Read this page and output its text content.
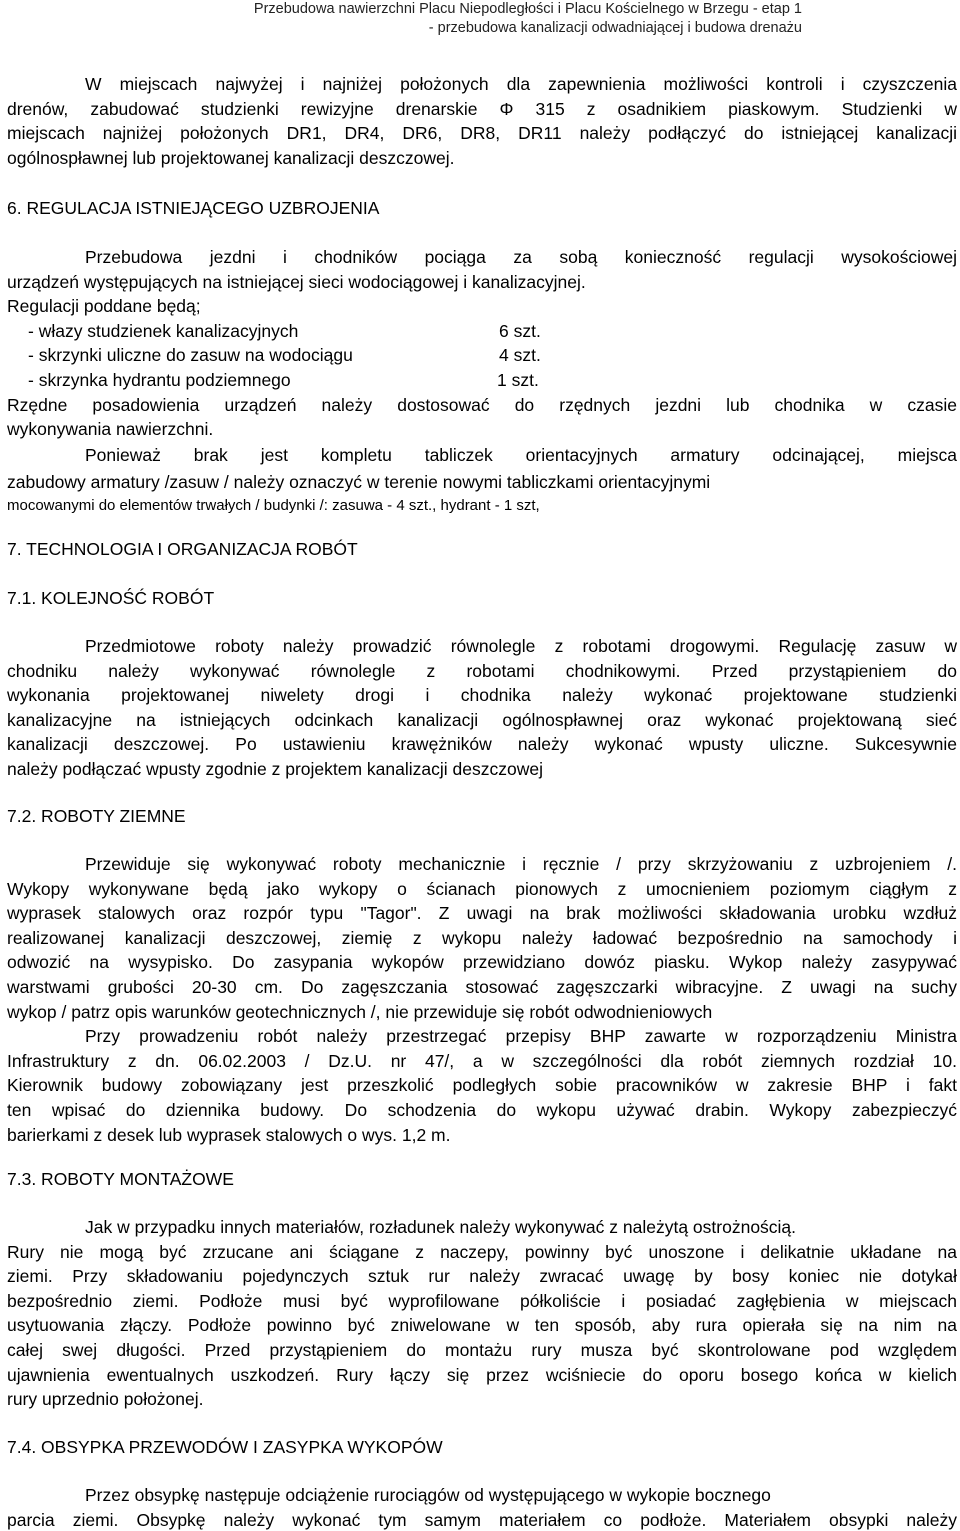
Przebudowa nawierzchni Placu Niepodległości i Placu Kościelnego w Brzegu - etap 1
- przebudowa kanalizacji odwadniającej i budowa drenażu
W miejscach najwyżej i najniżej położonych dla zapewnienia możliwości kontroli i czyszczenia
drenów, zabudować studzienki rewizyjne drenarskie Φ 315 z osadnikiem piaskowym. Studzienki w
miejscach najniżej położonych DR1, DR4, DR6, DR8, DR11 należy podłączyć do istniejącej kanalizacji
ogólnospławnej lub projektowanej kanalizacji deszczowej.
6. REGULACJA ISTNIEJĄCEGO UZBROJENIA
Przebudowa jezdni i chodników pociąga za sobą konieczność regulacji wysokościowej
urządzeń występujących na istniejącej sieci wodociągowej i kanalizacyjnej.
Regulacji poddane będą;
- włazy studzienek kanalizacyjnych	6 szt.
- skrzynki uliczne do zasuw na wodociągu	4 szt.
- skrzynka hydrantu podziemnego	1 szt.
Rzędne posadowienia urządzeń należy dostosować do rzędnych jezdni lub chodnika w czasie
wykonywania nawierzchni.
Ponieważ brak jest kompletu tabliczek orientacyjnych armatury odcinającej, miejsca
zabudowy armatury /zasuw / należy oznaczyć w terenie nowymi tabliczkami orientacyjnymi
mocowanymi do elementów trwałych / budynki /: zasuwa - 4 szt., hydrant - 1 szt,
7. TECHNOLOGIA I ORGANIZACJA ROBÓT
7.1. KOLEJNOŚĆ ROBÓT
Przedmiotowe roboty należy prowadzić równolegle z robotami drogowymi. Regulację zasuw w
chodniku należy wykonywać równolegle z robotami chodnikowymi. Przed przystąpieniem do
wykonania projektowanej niwelety drogi i chodnika należy wykonać projektowane studzienki
kanalizacyjne na istniejących odcinkach kanalizacji ogólnospławnej oraz wykonać projektowaną sieć
kanalizacji deszczowej. Po ustawieniu krawężników należy wykonać wpusty uliczne. Sukcesywnie
należy podłączać wpusty zgodnie z projektem kanalizacji deszczowej
7.2. ROBOTY ZIEMNE
Przewiduje się wykonywać roboty mechanicznie i ręcznie / przy skrzyżowaniu z uzbrojeniem /.
Wykopy wykonywane będą jako wykopy o ścianach pionowych z umocnieniem poziomym ciągłym z
wyprasek stalowych oraz rozpór typu "Tagor". Z uwagi na brak możliwości składowania urobku wzdłuż
realizowanej kanalizacji deszczowej, ziemię z wykopu należy ładować bezpośrednio na samochody i
odwozić na wysypisko. Do zasypania wykopów przewidziano dowóz piasku. Wykop należy zasypywać
warstwami grubości 20-30 cm. Do zagęszczania stosować zagęszczarki wibracyjne. Z uwagi na suchy
wykop / patrz opis warunków geotechnicznych /, nie przewiduje się robót odwodnieniowych
Przy prowadzeniu robót należy przestrzegać przepisy BHP zawarte w rozporządzeniu Ministra
Infrastruktury z dn. 06.02.2003 / Dz.U. nr 47/, a w szczególności dla robót ziemnych rozdział 10.
Kierownik budowy zobowiązany jest przeszkolić podległych sobie pracowników w zakresie BHP i fakt
ten wpisać do dziennika budowy. Do schodzenia do wykopu używać drabin. Wykopy zabezpieczyć
barierkami z desek lub wyprasek stalowych o wys. 1,2 m.
7.3. ROBOTY MONTAŻOWE
Jak w przypadku innych materiałów, rozładunek należy wykonywać z należytą ostrożnością.
Rury nie mogą być zrzucane ani ściągane z naczepy, powinny być unoszone i delikatnie układane na
ziemi. Przy składowaniu pojedynczych sztuk rur należy zwracać uwagę by bosy koniec nie dotykał
bezpośrednio ziemi. Podłoże musi być wyprofilowane półkoliście i posiadać zagłębienia w miejscach
usytuowania złączy. Podłoże powinno być zniwelowane w ten sposób, aby rura opierała się na nim na
całej swej długości. Przed przystąpieniem do montażu rury musza być skontrolowane pod względem
ujawnienia ewentualnych uszkodzeń. Rury łączy się przez wciśniecie do oporu bosego końca w kielich
rury uprzednio położonej.
7.4. OBSYPKA PRZEWODÓW I ZASYPKA WYKOPÓW
Przez obsypkę następuje odciążenie rurociągów od występującego w wykopie bocznego
parcia ziemi. Obsypkę należy wykonać tym samym materiałem co podłoże. Materiałem obsypki należy
